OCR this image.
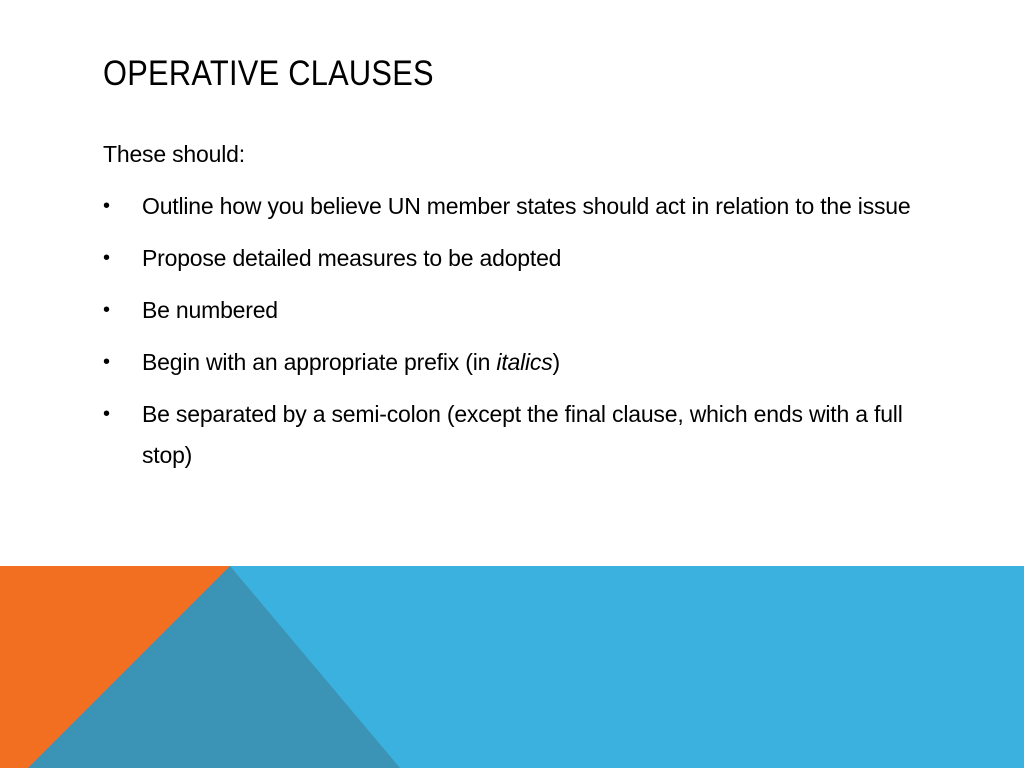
OPERATIVE CLAUSES

These should:

• Outline how you believe UN member states should act in relation to the issue
• Propose detailed measures to be adopted
• Be numbered
• Begin with an appropriate prefix (in italics)
• Be separated by a semi-colon (except the final clause, which ends with a full stop)
